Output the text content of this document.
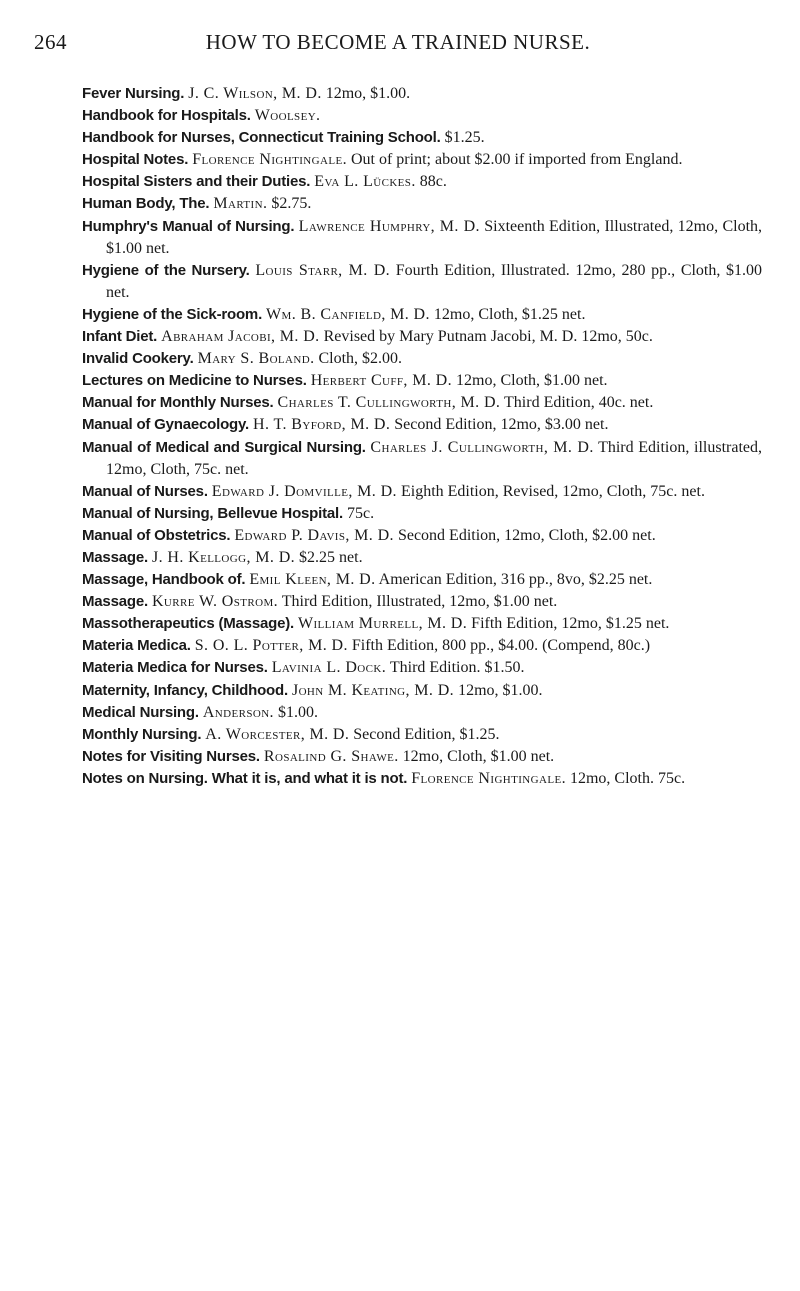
264	HOW TO BECOME A TRAINED NURSE.
Fever Nursing. J. C. Wilson, M. D. 12mo, $1.00.
Handbook for Hospitals. Woolsey.
Handbook for Nurses, Connecticut Training School. $1.25.
Hospital Notes. Florence Nightingale. Out of print; about $2.00 if imported from England.
Hospital Sisters and their Duties. Eva L. Lückes. 88c.
Human Body, The. Martin. $2.75.
Humphry's Manual of Nursing. Lawrence Humphry, M. D. Sixteenth Edition, Illustrated, 12mo, Cloth, $1.00 net.
Hygiene of the Nursery. Louis Starr, M. D. Fourth Edition, Illustrated. 12mo, 280 pp., Cloth, $1.00 net.
Hygiene of the Sick-room. Wm. B. Canfield, M. D. 12mo, Cloth, $1.25 net.
Infant Diet. Abraham Jacobi, M. D. Revised by Mary Putnam Jacobi, M. D. 12mo, 50c.
Invalid Cookery. Mary S. Boland. Cloth, $2.00.
Lectures on Medicine to Nurses. Herbert Cuff, M. D. 12mo, Cloth, $1.00 net.
Manual for Monthly Nurses. Charles T. Cullingworth, M. D. Third Edition, 40c. net.
Manual of Gynaecology. H. T. Byford, M. D. Second Edition, 12mo, $3.00 net.
Manual of Medical and Surgical Nursing. Charles J. Cullingworth, M. D. Third Edition, illustrated, 12mo, Cloth, 75c. net.
Manual of Nurses. Edward J. Domville, M. D. Eighth Edition, Revised, 12mo, Cloth, 75c. net.
Manual of Nursing, Bellevue Hospital. 75c.
Manual of Obstetrics. Edward P. Davis, M. D. Second Edition, 12mo, Cloth, $2.00 net.
Massage. J. H. Kellogg, M. D. $2.25 net.
Massage, Handbook of. Emil Kleen, M. D. American Edition, 316 pp., 8vo, $2.25 net.
Massage. Kurre W. Ostrom. Third Edition, Illustrated, 12mo, $1.00 net.
Massotherapeutics (Massage). William Murrell, M. D. Fifth Edition, 12mo, $1.25 net.
Materia Medica. S. O. L. Potter, M. D. Fifth Edition, 800 pp., $4.00. (Compend, 80c.)
Materia Medica for Nurses. Lavinia L. Dock. Third Edition. $1.50.
Maternity, Infancy, Childhood. John M. Keating, M. D. 12mo, $1.00.
Medical Nursing. Anderson. $1.00.
Monthly Nursing. A. Worcester, M. D. Second Edition, $1.25.
Notes for Visiting Nurses. Rosalind G. Shawe. 12mo, Cloth, $1.00 net.
Notes on Nursing. What it is, and what it is not. Florence Nightingale. 12mo, Cloth. 75c.
